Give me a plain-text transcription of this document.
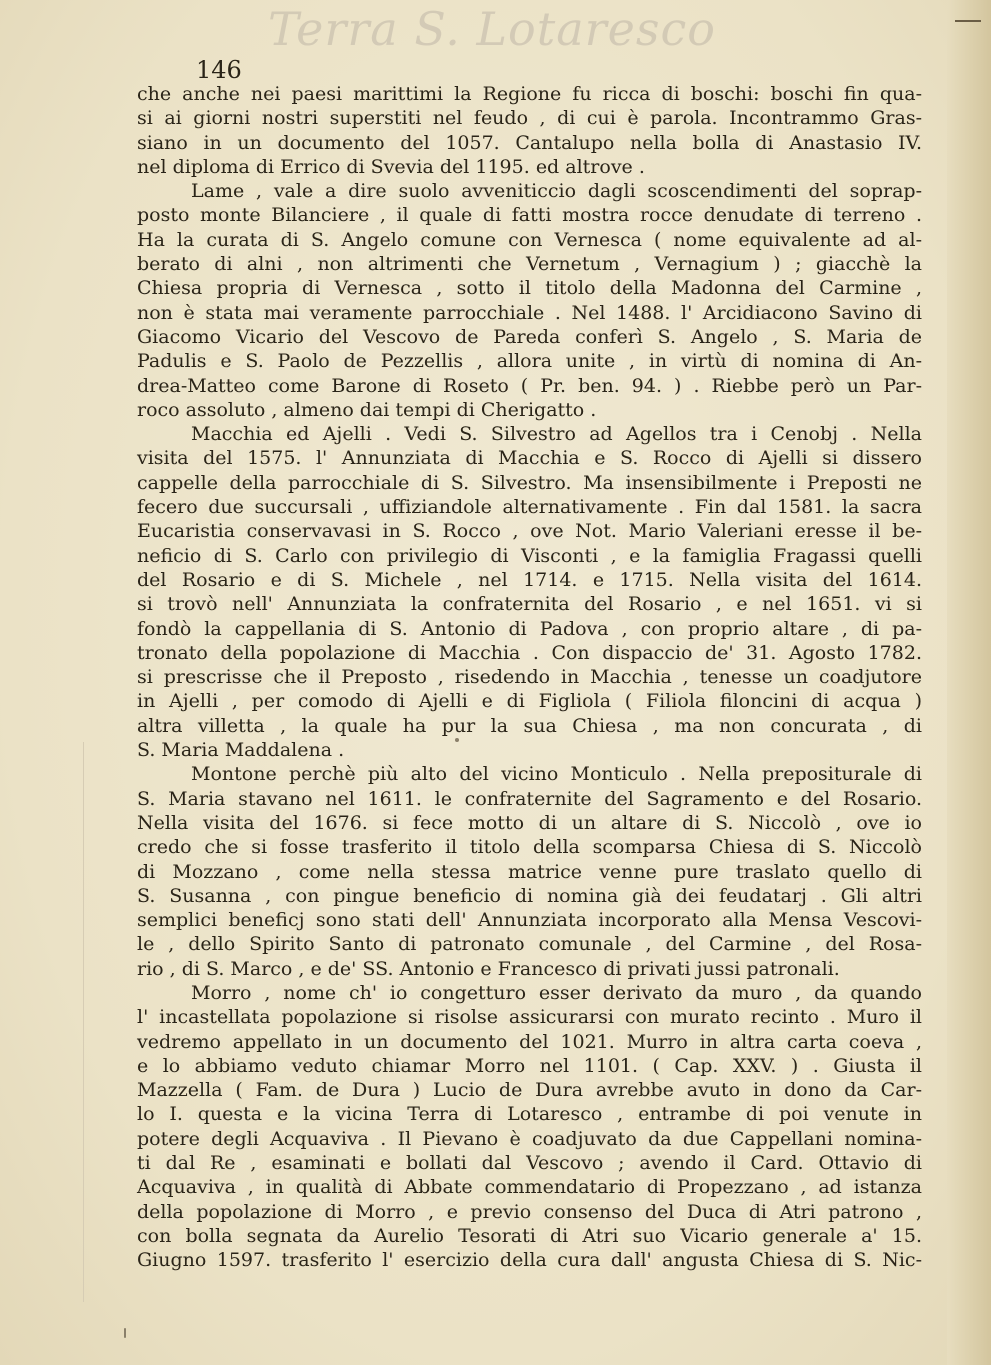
Terra S. Lotaresco
146
che anche nei paesi marittimi la Regione fu ricca di boschi: boschi fin qua-
si ai giorni nostri superstiti nel feudo , di cui è parola. Incontrammo Gras-
siano in un documento del 1057. Cantalupo nella bolla di Anastasio IV.
nel diploma di Errico di Svevia del 1195. ed altrove .
Lame , vale a dire suolo avveniticcio dagli scoscendimenti del soprap-
posto monte Bilanciere , il quale di fatti mostra rocce denudate di terreno .
Ha la curata di S. Angelo comune con Vernesca ( nome equivalente ad al-
berato di alni , non altrimenti che Vernetum , Vernagium ) ; giacchè la
Chiesa propria di Vernesca , sotto il titolo della Madonna del Carmine ,
non è stata mai veramente parrocchiale . Nel 1488. l' Arcidiacono Savino di
Giacomo Vicario del Vescovo de Pareda conferì S. Angelo , S. Maria de
Padulis e S. Paolo de Pezzellis , allora unite , in virtù di nomina di An-
drea-Matteo come Barone di Roseto ( Pr. ben. 94. ) . Riebbe però un Par-
roco assoluto , almeno dai tempi di Cherigatto .
Macchia ed Ajelli . Vedi S. Silvestro ad Agellos tra i Cenobj . Nella
visita del 1575. l' Annunziata di Macchia e S. Rocco di Ajelli si dissero
cappelle della parrocchiale di S. Silvestro. Ma insensibilmente i Preposti ne
fecero due succursali , uffiziandole alternativamente . Fin dal 1581. la sacra
Eucaristia conservavasi in S. Rocco , ove Not. Mario Valeriani eresse il be-
neficio di S. Carlo con privilegio di Visconti , e la famiglia Fragassi quelli
del Rosario e di S. Michele , nel 1714. e 1715. Nella visita del 1614.
si trovò nell' Annunziata la confraternita del Rosario , e nel 1651. vi si
fondò la cappellania di S. Antonio di Padova , con proprio altare , di pa-
tronato della popolazione di Macchia . Con dispaccio de' 31. Agosto 1782.
si prescrisse che il Preposto , risedendo in Macchia , tenesse un coadjutore
in Ajelli , per comodo di Ajelli e di Figliola ( Filiola filoncini di acqua )
altra villetta , la quale ha pur la sua Chiesa , ma non concurata , di
S. Maria Maddalena .
Montone perchè più alto del vicino Monticulo . Nella prepositurale di
S. Maria stavano nel 1611. le confraternite del Sagramento e del Rosario.
Nella visita del 1676. si fece motto di un altare di S. Niccolò , ove io
credo che si fosse trasferito il titolo della scomparsa Chiesa di S. Niccolò
di Mozzano , come nella stessa matrice venne pure traslato quello di
S. Susanna , con pingue beneficio di nomina già dei feudatarj . Gli altri
semplici beneficj sono stati dell' Annunziata incorporato alla Mensa Vescovi-
le , dello Spirito Santo di patronato comunale , del Carmine , del Rosa-
rio , di S. Marco , e de' SS. Antonio e Francesco di privati jussi patronali.
Morro , nome ch' io congetturo esser derivato da muro , da quando
l' incastellata popolazione si risolse assicurarsi con murato recinto . Muro il
vedremo appellato in un documento del 1021. Murro in altra carta coeva ,
e lo abbiamo veduto chiamar Morro nel 1101. ( Cap. XXV. ) . Giusta il
Mazzella ( Fam. de Dura ) Lucio de Dura avrebbe avuto in dono da Car-
lo I. questa e la vicina Terra di Lotaresco , entrambe di poi venute in
potere degli Acquaviva . Il Pievano è coadjuvato da due Cappellani nomina-
ti dal Re , esaminati e bollati dal Vescovo ; avendo il Card. Ottavio di
Acquaviva , in qualità di Abbate commendatario di Propezzano , ad istanza
della popolazione di Morro , e previo consenso del Duca di Atri patrono ,
con bolla segnata da Aurelio Tesorati di Atri suo Vicario generale a' 15.
Giugno 1597. trasferito l' esercizio della cura dall' angusta Chiesa di S. Nic-
